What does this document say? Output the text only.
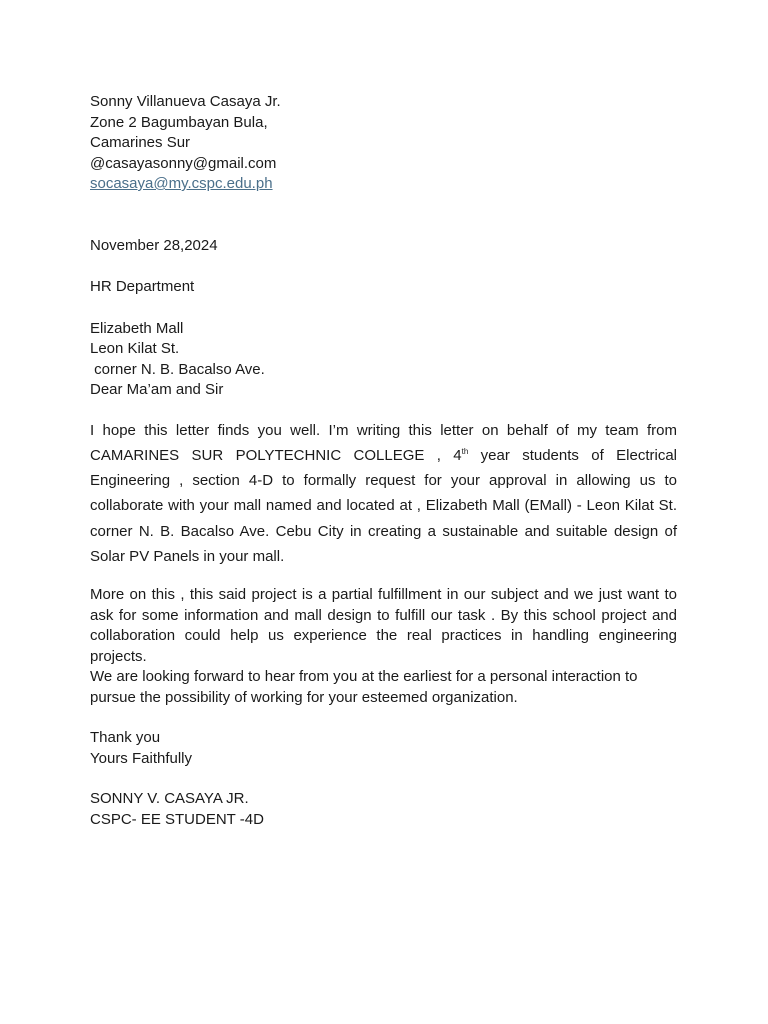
Sonny Villanueva Casaya Jr.
Zone 2 Bagumbayan Bula,
Camarines Sur
@casayasonny@gmail.com
socasaya@my.cspc.edu.ph
November 28,2024
HR Department
Elizabeth Mall
Leon Kilat St.
corner N. B. Bacalso Ave.
Dear Ma’am and Sir

I hope this letter finds you well. I’m writing this letter on behalf of my team from CAMARINES SUR POLYTECHNIC COLLEGE , 4th year students of Electrical Engineering , section 4-D to formally request for your approval in allowing us to collaborate with your mall named and located at , Elizabeth Mall (EMall) - Leon Kilat St. corner N. B. Bacalso Ave. Cebu City in creating a sustainable and suitable design of Solar PV Panels in your mall.

More on this , this said project is a partial fulfillment in our subject and we just want to ask for some information and mall design to fulfill our task . By this school project and collaboration could help us experience the real practices in handling engineering projects.

We are looking forward to hear from you at the earliest for a personal interaction to pursue the possibility of working for your esteemed organization.

Thank you
Yours Faithfully
SONNY V. CASAYA JR.
CSPC- EE STUDENT -4D
